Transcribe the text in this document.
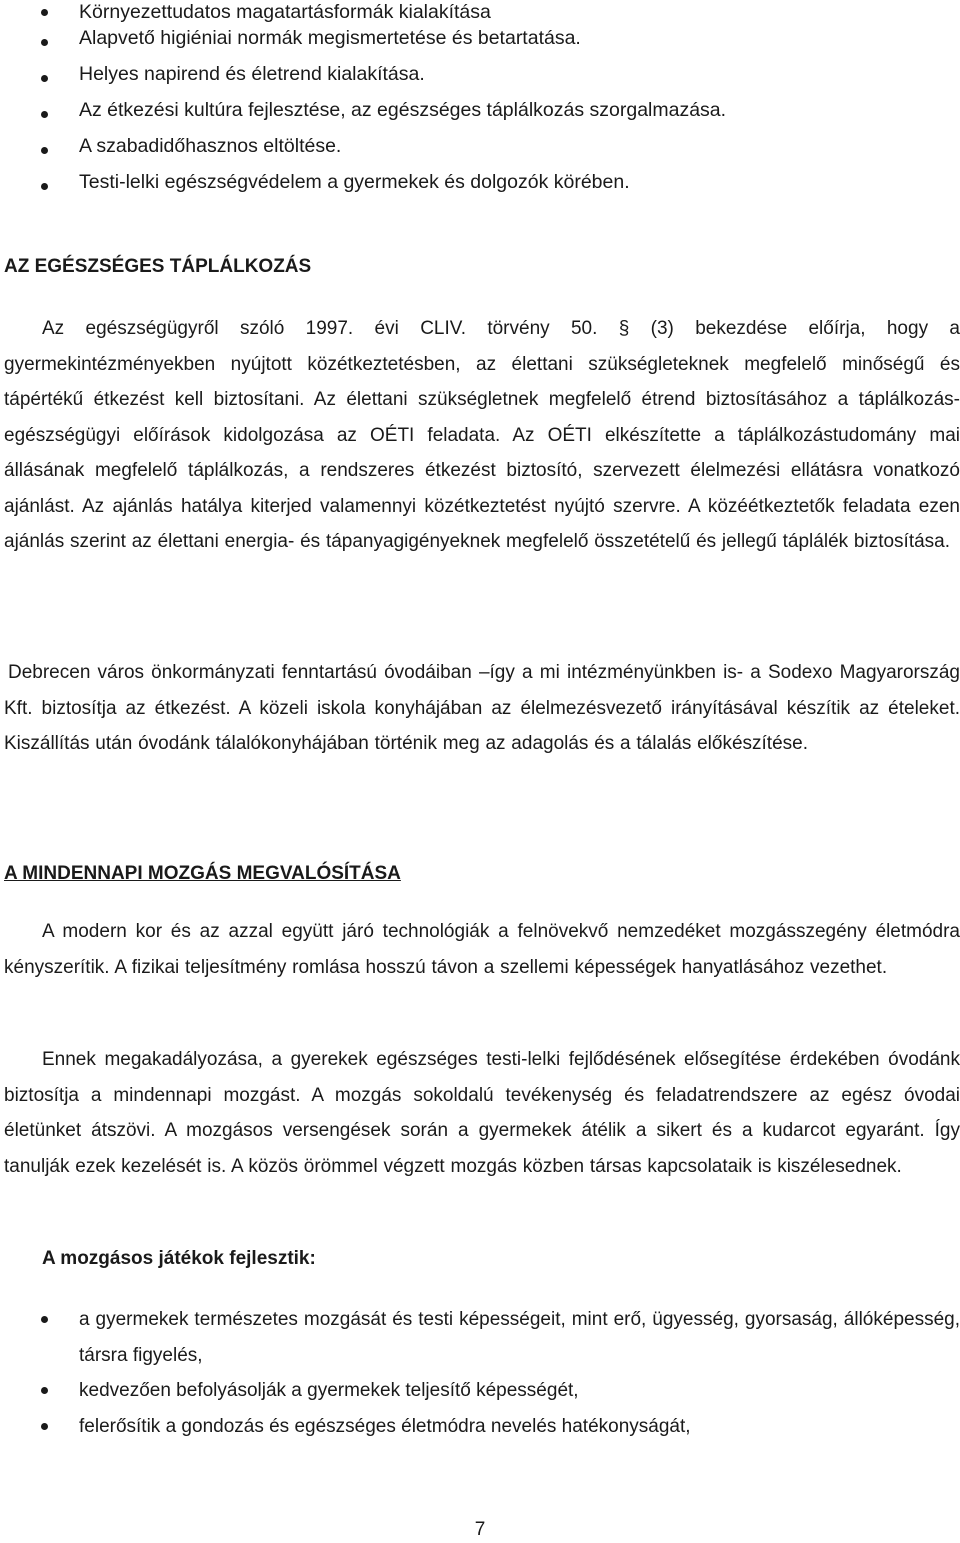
Környezettudatos magatartásformák kialakítása
Alapvető higiéniai normák megismertetése és betartatása.
Helyes napirend és életrend kialakítása.
Az étkezési kultúra fejlesztése, az egészséges táplálkozás szorgalmazása.
A szabadidőhasznos eltöltése.
Testi-lelki egészségvédelem a gyermekek és dolgozók körében.
AZ EGÉSZSÉGES TÁPLÁLKOZÁS

Az egészségügyről szóló 1997. évi CLIV. törvény 50. § (3) bekezdése előírja, hogy a gyermekintézményekben nyújtott közétkeztetésben, az élettani szükségleteknek megfelelő minőségű és tápértékű étkezést kell biztosítani. Az élettani szükségletnek megfelelő étrend biztosításához a táplálkozás- egészségügyi előírások kidolgozása az OÉTI feladata. Az OÉTI elkészítette a táplálkozástudomány mai állásának megfelelő táplálkozás, a rendszeres étkezést biztosító, szervezett élelmezési ellátásra vonatkozó ajánlást. Az ajánlás hatálya kiterjed valamennyi közétkeztetést nyújtó szervre. A közéétkeztetők feladata ezen ajánlás szerint az élettani energia- és tápanyagigényeknek megfelelő összetételű és jellegű táplálék biztosítása.

Debrecen város önkormányzati fenntartású óvodáiban –így a mi intézményünkben is- a Sodexo Magyarország Kft. biztosítja az étkezést. A közeli iskola konyhájában az élelmezésvezető irányításával készítik az ételeket. Kiszállítás után óvodánk tálalókonyhájában történik meg az adagolás és a tálalás előkészítése.

A MINDENNAPI MOZGÁS MEGVALÓSÍTÁSA

A modern kor és az azzal együtt járó technológiák a felnövekvő nemzedéket mozgásszegény életmódra kényszerítik. A fizikai teljesítmény romlása hosszú távon a szellemi képességek hanyatlásához vezethet.

Ennek megakadályozása, a gyerekek egészséges testi-lelki fejlődésének elősegítése érdekében óvodánk biztosítja a mindennapi mozgást. A mozgás sokoldalú tevékenység és feladatrendszere az egész óvodai életünket átszövi. A mozgásos versengések során a gyermekek átélik a sikert és a kudarcot egyaránt. Így tanulják ezek kezelését is. A közös örömmel végzett mozgás közben társas kapcsolataik is kiszélesednek.

A mozgásos játékok fejlesztik:
a gyermekek természetes mozgását és testi képességeit, mint erő, ügyesség, gyorsaság, állóképesség, társra figyelés,
kedvezően befolyásolják a gyermekek teljesítő képességét,
felerősítik a gondozás és egészséges életmódra nevelés hatékonyságát,
7
